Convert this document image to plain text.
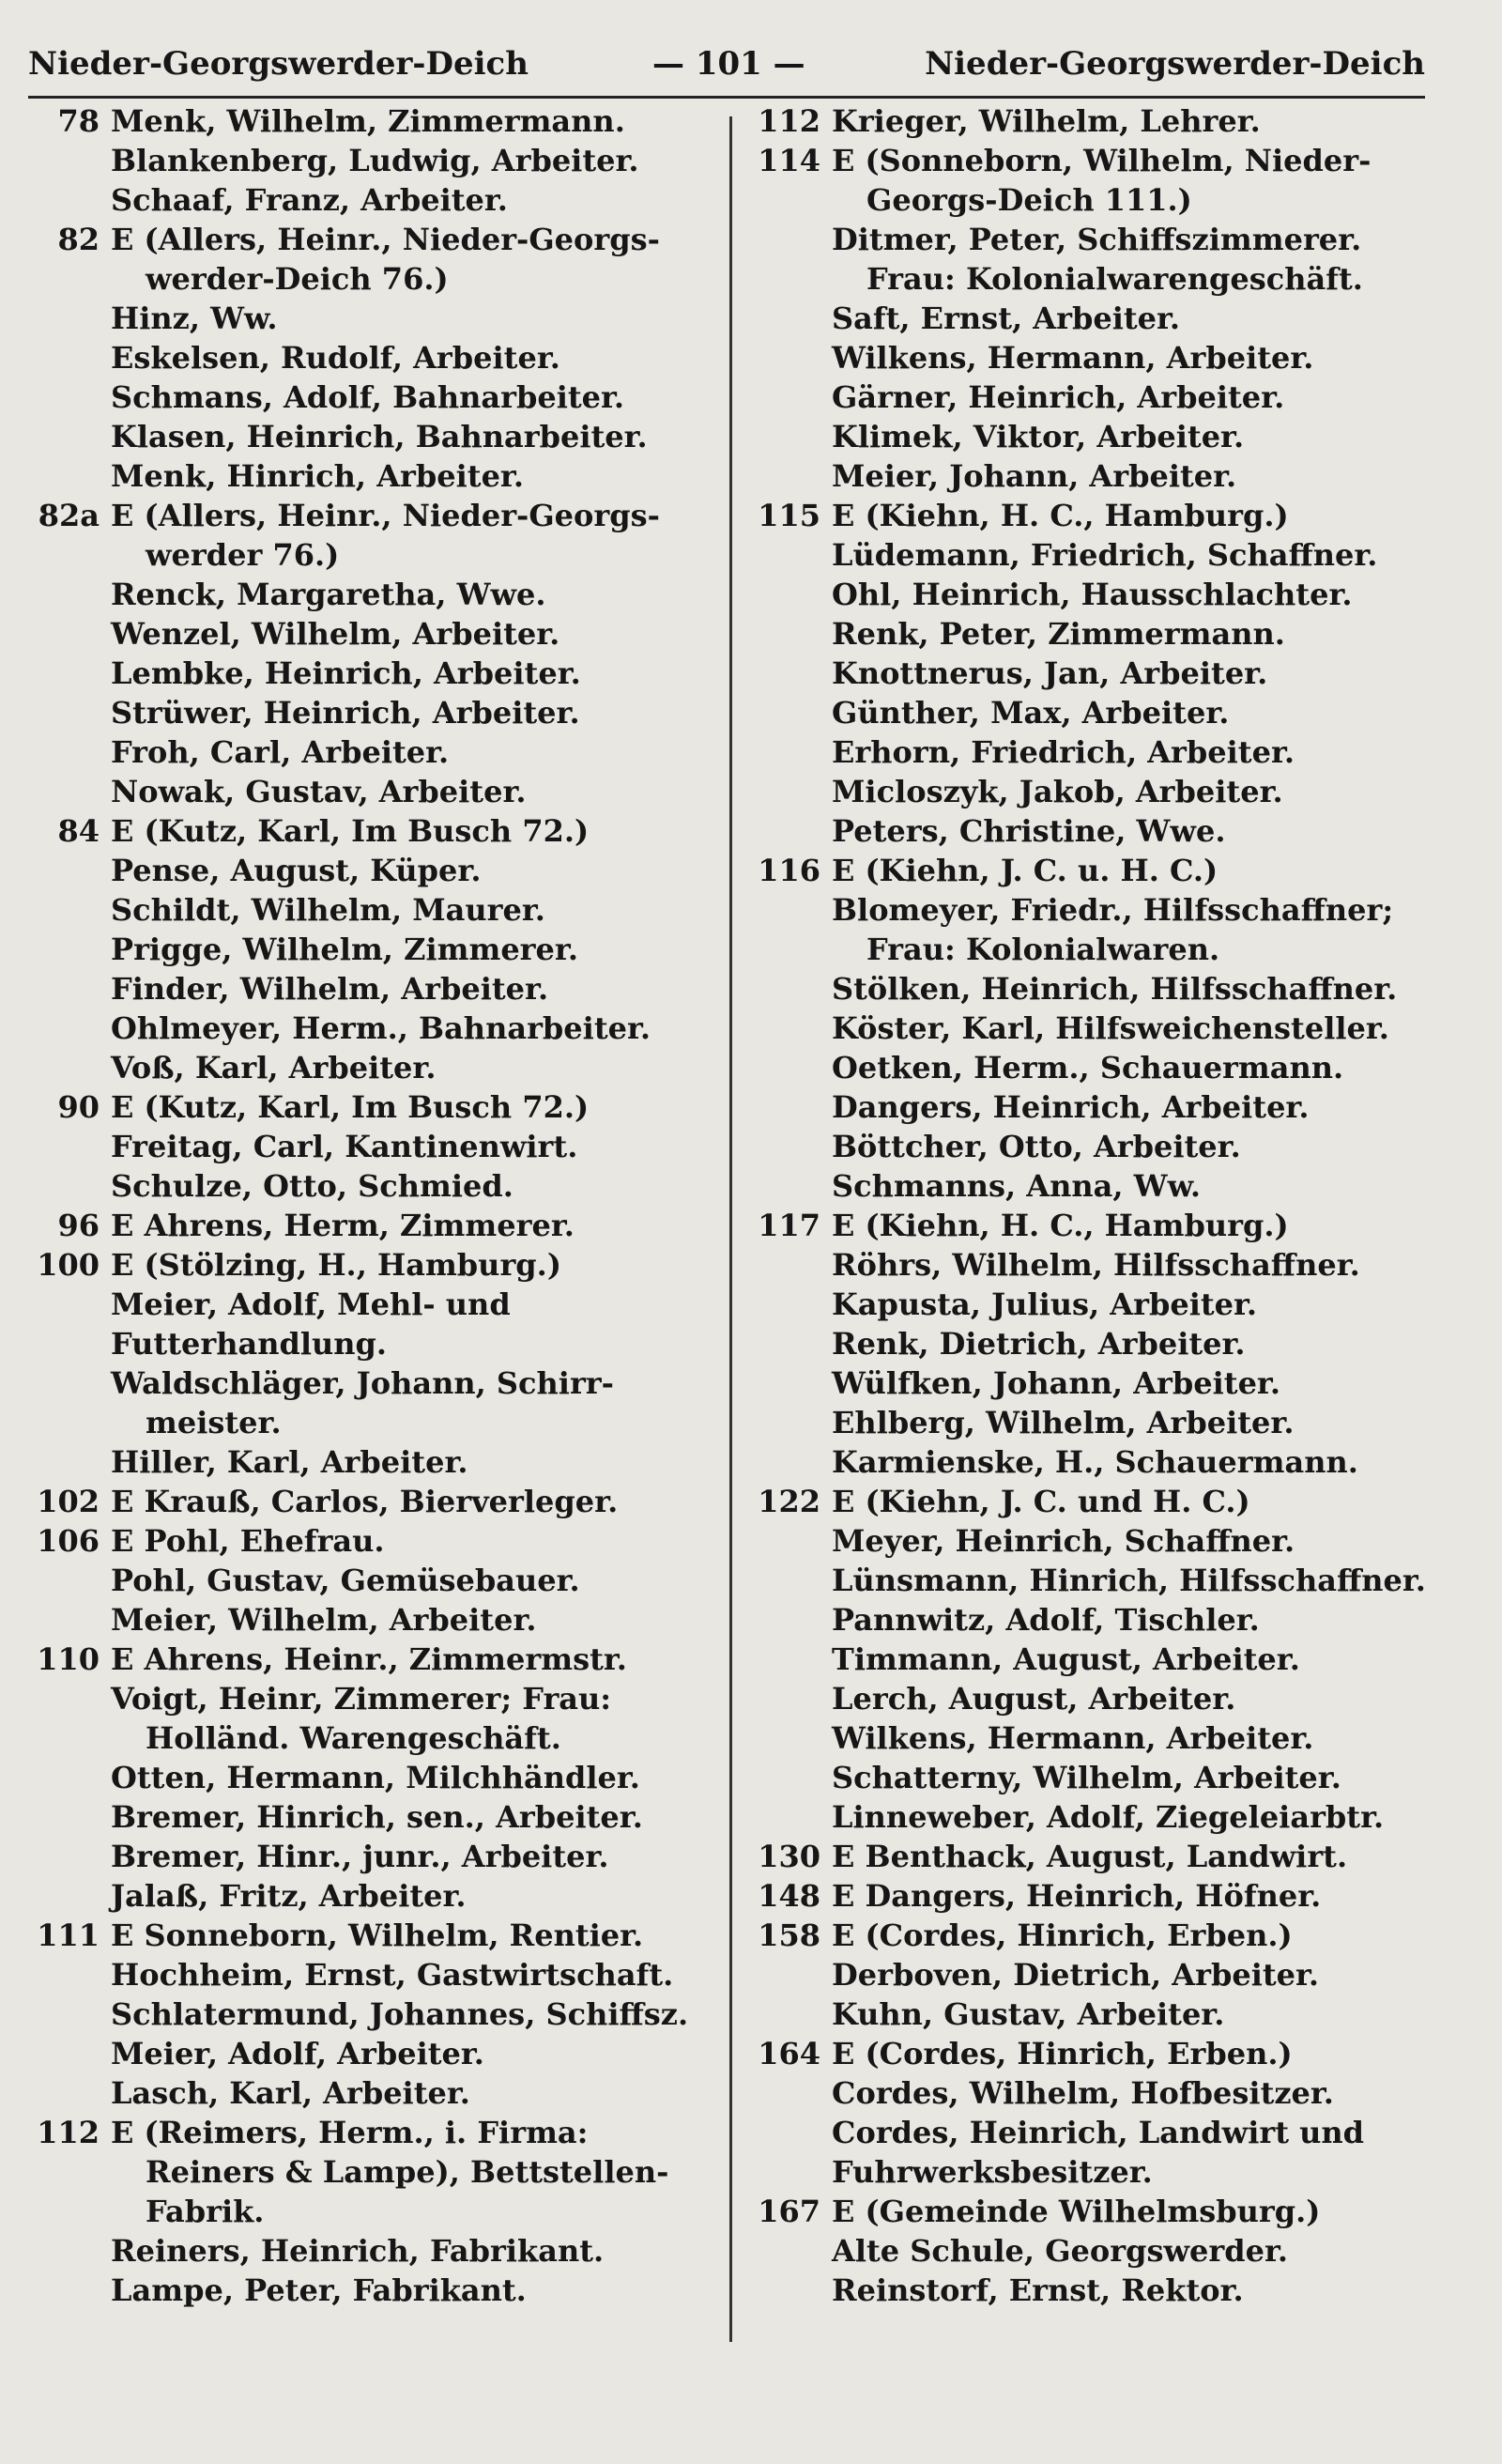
Nieder-Georgswerder-Deich	— 101 —	Nieder-Georgswerder-Deich
78 Menk, Wilhelm, Zimmermann.
Blankenberg, Ludwig, Arbeiter.
Schaaf, Franz, Arbeiter.
82 E (Allers, Heinr., Nieder-Georgs-
werder-Deich 76.)
Hinz, Ww.
Eskelsen, Rudolf, Arbeiter.
Schmans, Adolf, Bahnarbeiter.
Klasen, Heinrich, Bahnarbeiter.
Menk, Hinrich, Arbeiter.
82a E (Allers, Heinr., Nieder-Georgs-
werder 76.)
Renck, Margaretha, Wwe.
Wenzel, Wilhelm, Arbeiter.
Lembke, Heinrich, Arbeiter.
Strüwer, Heinrich, Arbeiter.
Froh, Carl, Arbeiter.
Nowak, Gustav, Arbeiter.
84 E (Kutz, Karl, Im Busch 72.)
Pense, August, Küper.
Schildt, Wilhelm, Maurer.
Prigge, Wilhelm, Zimmerer.
Finder, Wilhelm, Arbeiter.
Ohlmeyer, Herm., Bahnarbeiter.
Voß, Karl, Arbeiter.
90 E (Kutz, Karl, Im Busch 72.)
Freitag, Carl, Kantinenwirt.
Schulze, Otto, Schmied.
96 E Ahrens, Herm, Zimmerer.
100 E (Stölzing, H., Hamburg.)
Meier, Adolf, Mehl- und
Futterhandlung.
Waldschläger, Johann, Schirr-
meister.
Hiller, Karl, Arbeiter.
102 E Krauß, Carlos, Bierverleger.
106 E Pohl, Ehefrau.
Pohl, Gustav, Gemüsebauer.
Meier, Wilhelm, Arbeiter.
110 E Ahrens, Heinr., Zimmermstr.
Voigt, Heinr, Zimmerer; Frau:
Holländ. Warengeschäft.
Otten, Hermann, Milchhändler.
Bremer, Hinrich, sen., Arbeiter.
Bremer, Hinr., junr., Arbeiter.
Jalaß, Fritz, Arbeiter.
111 E Sonneborn, Wilhelm, Rentier.
Hochheim, Ernst, Gastwirtschaft.
Schlatermund, Johannes, Schiffsz.
Meier, Adolf, Arbeiter.
Lasch, Karl, Arbeiter.
112 E (Reimers, Herm., i. Firma:
Reiners & Lampe), Bettstellen-
Fabrik.
Reiners, Heinrich, Fabrikant.
Lampe, Peter, Fabrikant.
112 Krieger, Wilhelm, Lehrer.
114 E (Sonneborn, Wilhelm, Nieder-
Georgs-Deich 111.)
Ditmer, Peter, Schiffszimmerer.
Frau: Kolonialwarengeschäft.
Saft, Ernst, Arbeiter.
Wilkens, Hermann, Arbeiter.
Gärner, Heinrich, Arbeiter.
Klimek, Viktor, Arbeiter.
Meier, Johann, Arbeiter.
115 E (Kiehn, H. C., Hamburg.)
Lüdemann, Friedrich, Schaffner.
Ohl, Heinrich, Hausschlachter.
Renk, Peter, Zimmermann.
Knottnerus, Jan, Arbeiter.
Günther, Max, Arbeiter.
Erhorn, Friedrich, Arbeiter.
Micloszyk, Jakob, Arbeiter.
Peters, Christine, Wwe.
116 E (Kiehn, J. C. u. H. C.)
Blomeyer, Friedr., Hilfsschaffner;
Frau: Kolonialwaren.
Stölken, Heinrich, Hilfsschaffner.
Köster, Karl, Hilfsweichensteller.
Oetken, Herm., Schauermann.
Dangers, Heinrich, Arbeiter.
Böttcher, Otto, Arbeiter.
Schmanns, Anna, Ww.
117 E (Kiehn, H. C., Hamburg.)
Röhrs, Wilhelm, Hilfsschaffner.
Kapusta, Julius, Arbeiter.
Renk, Dietrich, Arbeiter.
Wülfken, Johann, Arbeiter.
Ehlberg, Wilhelm, Arbeiter.
Karmienske, H., Schauermann.
122 E (Kiehn, J. C. und H. C.)
Meyer, Heinrich, Schaffner.
Lünsmann, Hinrich, Hilfsschaffner.
Pannwitz, Adolf, Tischler.
Timmann, August, Arbeiter.
Lerch, August, Arbeiter.
Wilkens, Hermann, Arbeiter.
Schatterny, Wilhelm, Arbeiter.
Linneweber, Adolf, Ziegeleiarbtr.
130 E Benthack, August, Landwirt.
148 E Dangers, Heinrich, Höfner.
158 E (Cordes, Hinrich, Erben.)
Derboven, Dietrich, Arbeiter.
Kuhn, Gustav, Arbeiter.
164 E (Cordes, Hinrich, Erben.)
Cordes, Wilhelm, Hofbesitzer.
Cordes, Heinrich, Landwirt und
Fuhrwerksbesitzer.
167 E (Gemeinde Wilhelmsburg.)
Alte Schule, Georgswerder.
Reinstorf, Ernst, Rektor.
